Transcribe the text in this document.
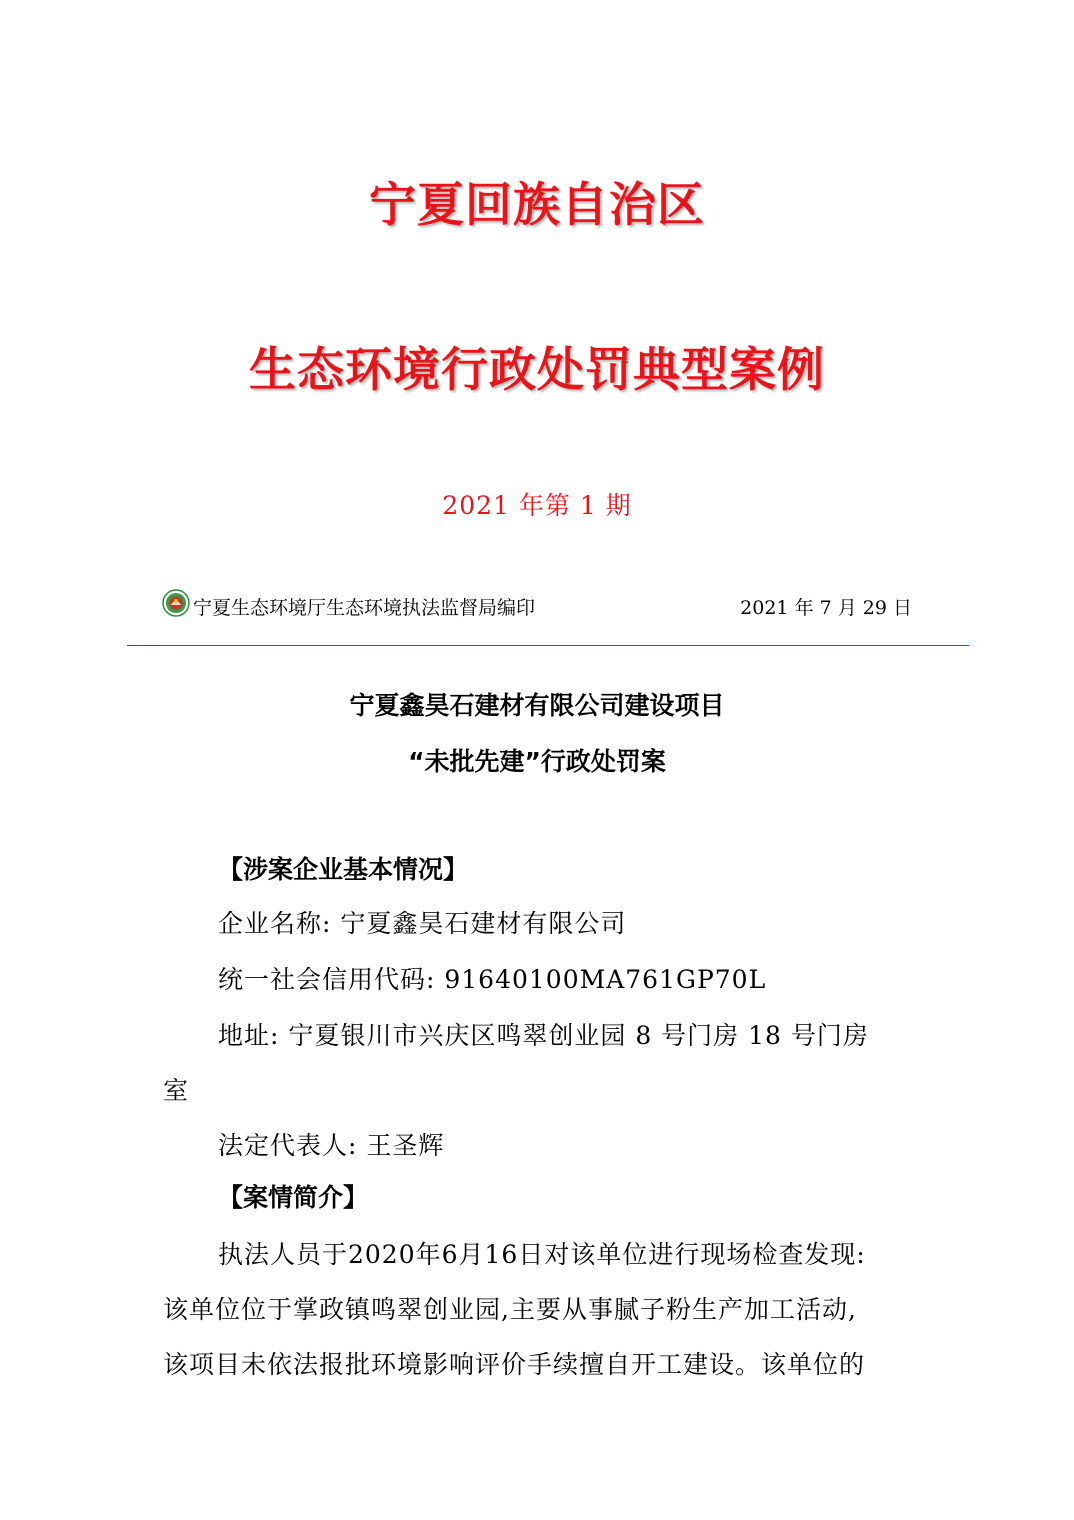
宁夏回族自治区
生态环境行政处罚典型案例
2021 年第 1 期
宁夏生态环境厅生态环境执法监督局编印	2021 年 7 月 29 日
宁夏鑫昊石建材有限公司建设项目
“未批先建”行政处罚案
【涉案企业基本情况】
企业名称: 宁夏鑫昊石建材有限公司
统一社会信用代码: 91640100MA761GP70L
地址: 宁夏银川市兴庆区鸣翠创业园 8 号门房 18 号门房
室
法定代表人: 王圣辉
【案情简介】
执法人员于2020年6月16日对该单位进行现场检查发现:
该单位位于掌政镇鸣翠创业园,主要从事腻子粉生产加工活动,
该项目未依法报批环境影响评价手续擅自开工建设。该单位的
